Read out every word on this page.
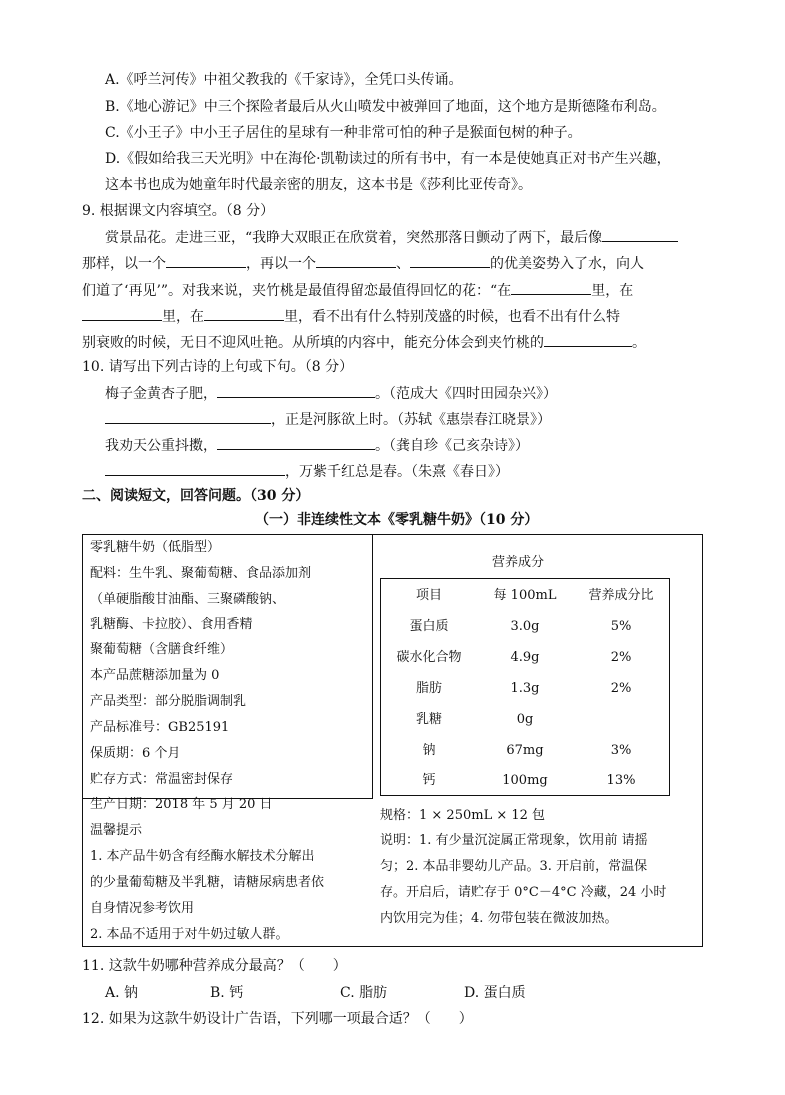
A.《呼兰河传》中祖父教我的《千家诗》，全凭口头传诵。
B.《地心游记》中三个探险者最后从火山喷发中被弹回了地面，这个地方是斯德隆布利岛。
C.《小王子》中小王子居住的星球有一种非常可怕的种子是猴面包树的种子。
D.《假如给我三天光明》中在海伦·凯勒读过的所有书中，有一本是使她真正对书产生兴趣，
这本书也成为她童年时代最亲密的朋友，这本书是《莎利比亚传奇》。
9. 根据课文内容填空。（8 分）
赏景品花。走进三亚，“我睁大双眼正在欣赏着，突然那落日颤动了两下，最后像
那样，以一个	，再以一个	、	的优美姿势入了水，向人
们道了‘再见’”。对我来说，夹竹桃是最值得留恋最值得回忆的花：“在	里，在
里，在	里，看不出有什么特别茂盛的时候，也看不出有什么特
别衰败的时候，无日不迎风吐艳。从所填的内容中，能充分体会到夹竹桃的	。
10. 请写出下列古诗的上句或下句。（8 分）
梅子金黄杏子肥，	。（范成大《四时田园杂兴》）
，正是河豚欲上时。（苏轼《惠崇春江晓景》）
我劝天公重抖擞，	。（龚自珍《己亥杂诗》）
，万紫千红总是春。（朱熹《春日》）
二、阅读短文，回答问题。（30 分）
（一）非连续性文本《零乳糖牛奶》（10 分）
零乳糖牛奶（低脂型）
配料：生牛乳、聚葡萄糖、食品添加剂
（单硬脂酸甘油酯、三聚磷酸钠、
乳糖酶、卡拉胶）、食用香精
聚葡萄糖（含膳食纤维）
本产品蔗糖添加量为 0
产品类型：部分脱脂调制乳
产品标准号：GB25191
保质期：6 个月
贮存方式：常温密封保存
生产日期：2018 年 5 月 20 日
温馨提示
1. 本产品牛奶含有经酶水解技术分解出
的少量葡萄糖及半乳糖，请糖尿病患者依
自身情况参考饮用
2. 本品不适用于对牛奶过敏人群。
营养成分
项目	每 100mL	营养成分比
蛋白质	3.0g	5%
碳水化合物	4.9g	2%
脂肪	1.3g	2%
乳糖	0g
钠	67mg	3%
钙	100mg	13%
规格：1 × 250mL × 12 包
说明：1. 有少量沉淀属正常现象，饮用前 请摇
匀；2. 本品非婴幼儿产品。3. 开启前，常温保
存。开启后，请贮存于 0°C－4°C 冷藏，24 小时
内饮用完为佳；4. 勿带包装在微波加热。
11. 这款牛奶哪种营养成分最高？（　　）
A. 钠	B. 钙	C. 脂肪	D. 蛋白质
12. 如果为这款牛奶设计广告语，下列哪一项最合适？（　　）
